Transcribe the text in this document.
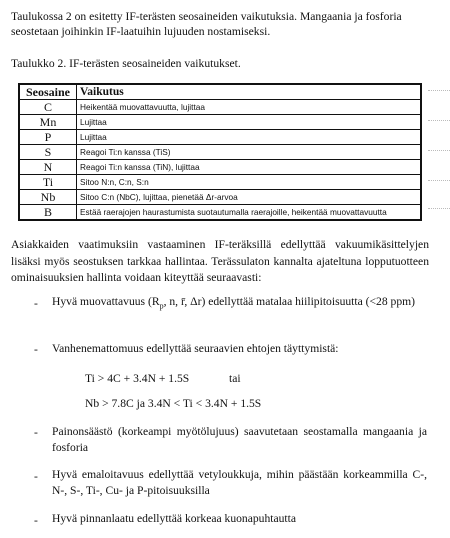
Taulukossa 2 on esitetty IF-terästen seosaineiden vaikutuksia. Mangaania ja fosforia
seostetaan joihinkin IF-laatuihin lujuuden nostamiseksi.
Taulukko 2. IF-terästen seosaineiden vaikutukset.
Seosaine	Vaikutus
C	Heikentää muovattavuutta, lujittaa
Mn	Lujittaa
P	Lujittaa
S	Reagoi Ti:n kanssa (TiS)
N	Reagoi Ti:n kanssa (TiN), lujittaa
Ti	Sitoo N:n, C:n, S:n
Nb	Sitoo C:n (NbC), lujittaa, pienetää Δr-arvoa
B	Estää raerajojen haurastumista suotautumalla raerajoille, heikentää muovattavuutta
Asiakkaiden vaatimuksiin vastaaminen IF-teräksillä edellyttää vakuumikäsittelyjen lisäksi myös seostuksen tarkkaa hallintaa. Terässulaton kannalta ajateltuna lopputuotteen ominaisuuksien hallinta voidaan kiteyttää seuraavasti:
- Hyvä muovattavuus ($R_p$, n, r̄, Δr) edellyttää matalaa hiilipitoisuutta (<28 ppm)
- Vanhenemattomuus edellyttää seuraavien ehtojen täyttymistä:
Ti > 4C + 3.4N + 1.5S	tai
Nb > 7.8C ja 3.4N < Ti < 3.4N + 1.5S
- Painonsäästö (korkeampi myötölujuus) saavutetaan seostamalla mangaania ja fosforia
- Hyvä emaloitavuus edellyttää vetyloukkuja, mihin päästään korkeammilla C-, N-, S-, Ti-, Cu- ja P-pitoisuuksilla
- Hyvä pinnanlaatu edellyttää korkeaa kuonapuhtautta
